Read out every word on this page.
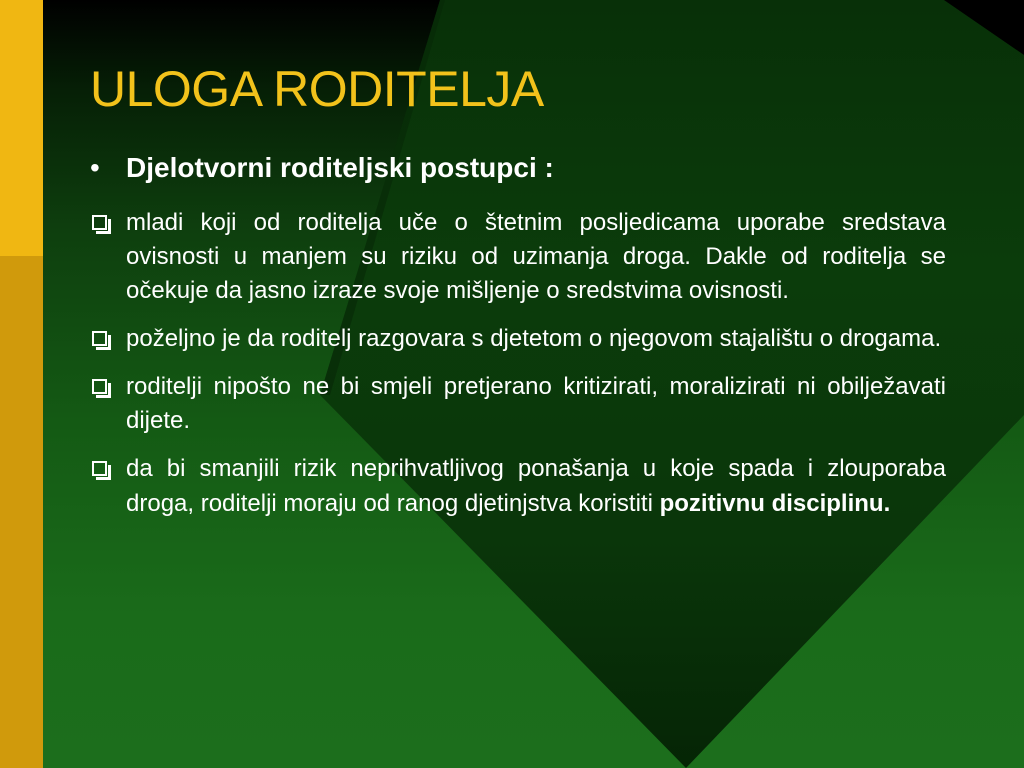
ULOGA RODITELJA
• Djelotvorni roditeljski postupci :
mladi koji od roditelja uče o štetnim posljedicama uporabe sredstava ovisnosti u manjem su riziku od uzimanja droga. Dakle od roditelja se očekuje da jasno izraze svoje mišljenje o sredstvima ovisnosti.
poželjno je da roditelj razgovara s djetetom o njegovom stajalištu o drogama.
roditelji nipošto ne bi smjeli pretjerano kritizirati, moralizirati ni obilježavati dijete.
da bi smanjili rizik neprihvatljivog ponašanja u koje spada i zlouporaba droga, roditelji moraju od ranog djetinjstva koristiti pozitivnu disciplinu.
